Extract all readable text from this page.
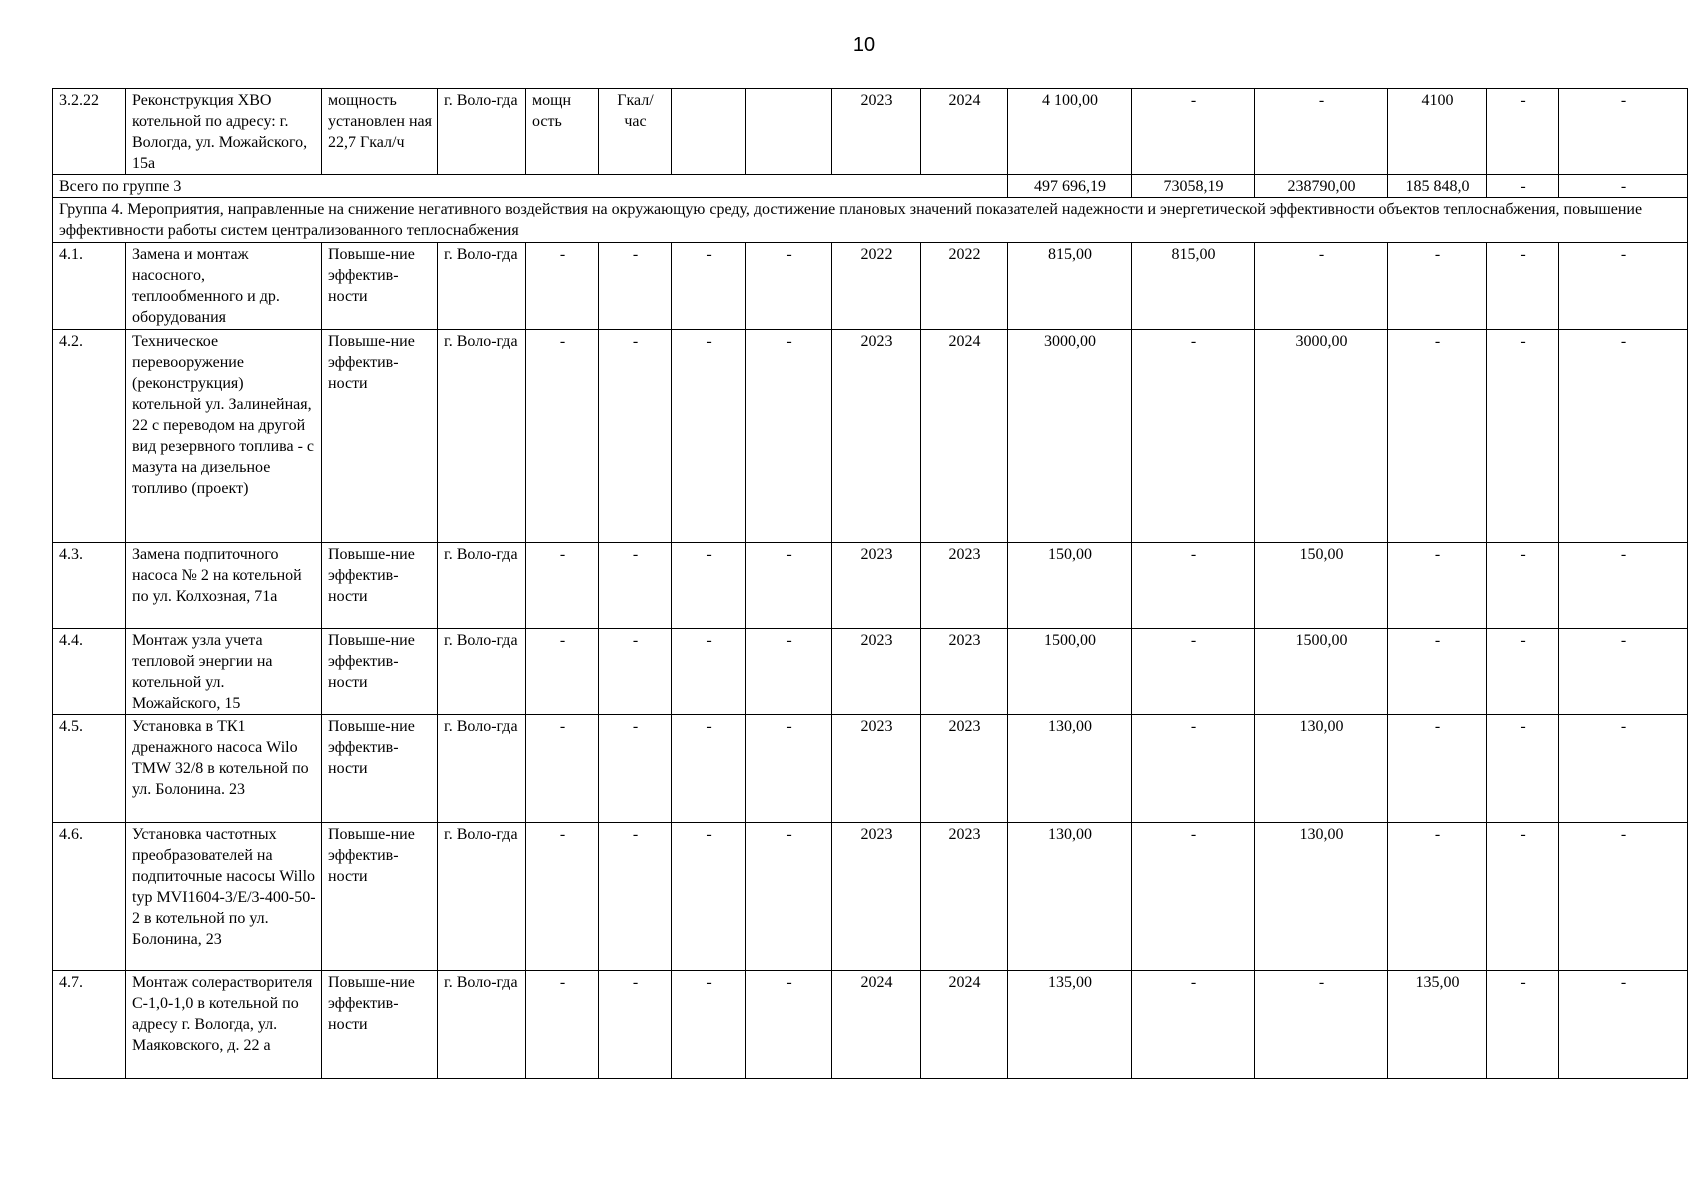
10
3.2.22	Реконструкция ХВО котельной по адресу: г. Вологда, ул. Можайского, 15а	мощность установлен ная 22,7 Гкал/ч	г. Воло-гда	мощн ость	Гкал/ час			2023	2024	4 100,00	-	-	4100	-	-
Всего по группе 3										497 696,19	73058,19	238790,00	185 848,0	-	-
Группа 4. Мероприятия, направленные на снижение негативного воздействия на окружающую среду, достижение плановых значений показателей надежности и энергетической эффективности объектов теплоснабжения, повышение эффективности работы систем централизованного теплоснабжения															
4.1.	Замена и монтаж насосного, теплообменного и др. оборудования	Повыше-ние эффектив-ности	г. Воло-гда	-	-	-	-	2022	2022	815,00	815,00	-	-	-	-
4.2.	Техническое перевооружение (реконструкция) котельной ул. Залинейная, 22 с переводом на другой вид резервного топлива - с мазута на дизельное топливо (проект)	Повыше-ние эффектив-ности	г. Воло-гда	-	-	-	-	2023	2024	3000,00	-	3000,00	-	-	-
4.3.	Замена подпиточного насоса № 2 на котельной по ул. Колхозная, 71а	Повыше-ние эффектив-ности	г. Воло-гда	-	-	-	-	2023	2023	150,00	-	150,00	-	-	-
4.4.	Монтаж узла учета тепловой энергии на котельной ул. Можайского, 15	Повыше-ние эффектив-ности	г. Воло-гда	-	-	-	-	2023	2023	1500,00	-	1500,00	-	-	-
4.5.	Установка в ТК1 дренажного насоса Wilo TMW 32/8 в котельной по ул. Болонина. 23	Повыше-ние эффектив-ности	г. Воло-гда	-	-	-	-	2023	2023	130,00	-	130,00	-	-	-
4.6.	Установка частотных преобразователей на подпиточные насосы Willo typ MVI1604-3/E/3-400-50-2 в котельной по ул. Болонина, 23	Повыше-ние эффектив-ности	г. Воло-гда	-	-	-	-	2023	2023	130,00	-	130,00	-	-	-
4.7.	Монтаж солерастворителя С-1,0-1,0 в котельной по адресу г. Вологда, ул. Маяковского, д. 22 а	Повыше-ние эффектив-ности	г. Воло-гда	-	-	-	-	2024	2024	135,00	-	-	135,00	-	-
